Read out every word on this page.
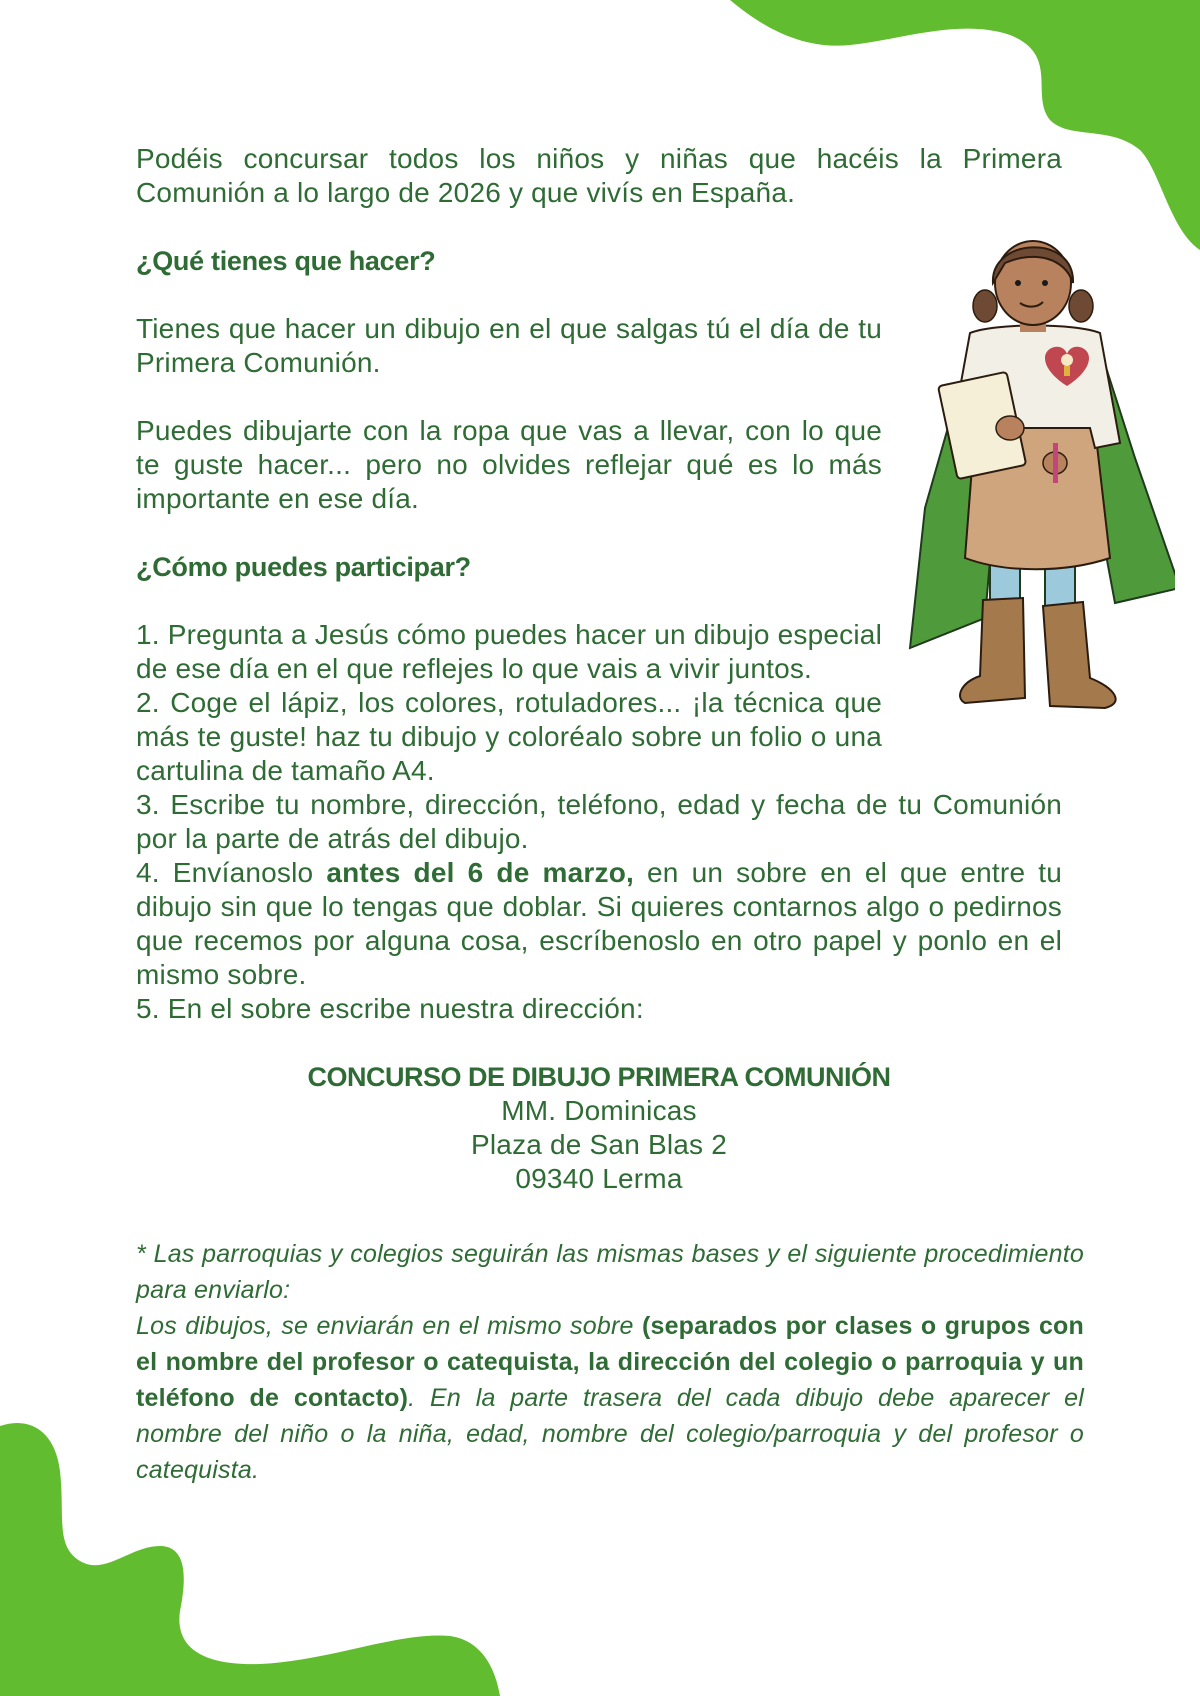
Podéis concursar todos los niños y niñas que hacéis la Primera Comunión a lo largo de 2026 y que vivís en España.

¿Qué tienes que hacer?

Tienes que hacer un dibujo en el que salgas tú el día de tu Primera Comunión.

Puedes dibujarte con la ropa que vas a llevar, con lo que te guste hacer... pero no olvides reflejar qué es lo más importante en ese día.

¿Cómo puedes participar?

1. Pregunta a Jesús cómo puedes hacer un dibujo especial de ese día en el que reflejes lo que vais a vivir juntos.

2. Coge el lápiz, los colores, rotuladores... ¡la técnica que más te guste! haz tu dibujo y coloréalo sobre un folio o una cartulina de tamaño A4.

3. Escribe tu nombre, dirección, teléfono, edad y fecha de tu Comunión por la parte de atrás del dibujo.

4. Envíanoslo antes del 6 de marzo, en un sobre en el que entre tu dibujo sin que lo tengas que doblar. Si quieres contarnos algo o pedirnos que recemos por alguna cosa, escríbenoslo en otro papel y ponlo en el mismo sobre.

5. En el sobre escribe nuestra dirección:

CONCURSO DE DIBUJO PRIMERA COMUNIÓN
MM. Dominicas
Plaza de San Blas 2
09340 Lerma

* Las parroquias y colegios seguirán las mismas bases y el siguiente procedimiento para enviarlo:
Los dibujos, se enviarán en el mismo sobre (separados por clases o grupos con el nombre del profesor o catequista, la dirección del colegio o parroquia y un teléfono de contacto). En la parte trasera del cada dibujo debe aparecer el nombre del niño o la niña, edad, nombre del colegio/parroquia y del profesor o catequista.
